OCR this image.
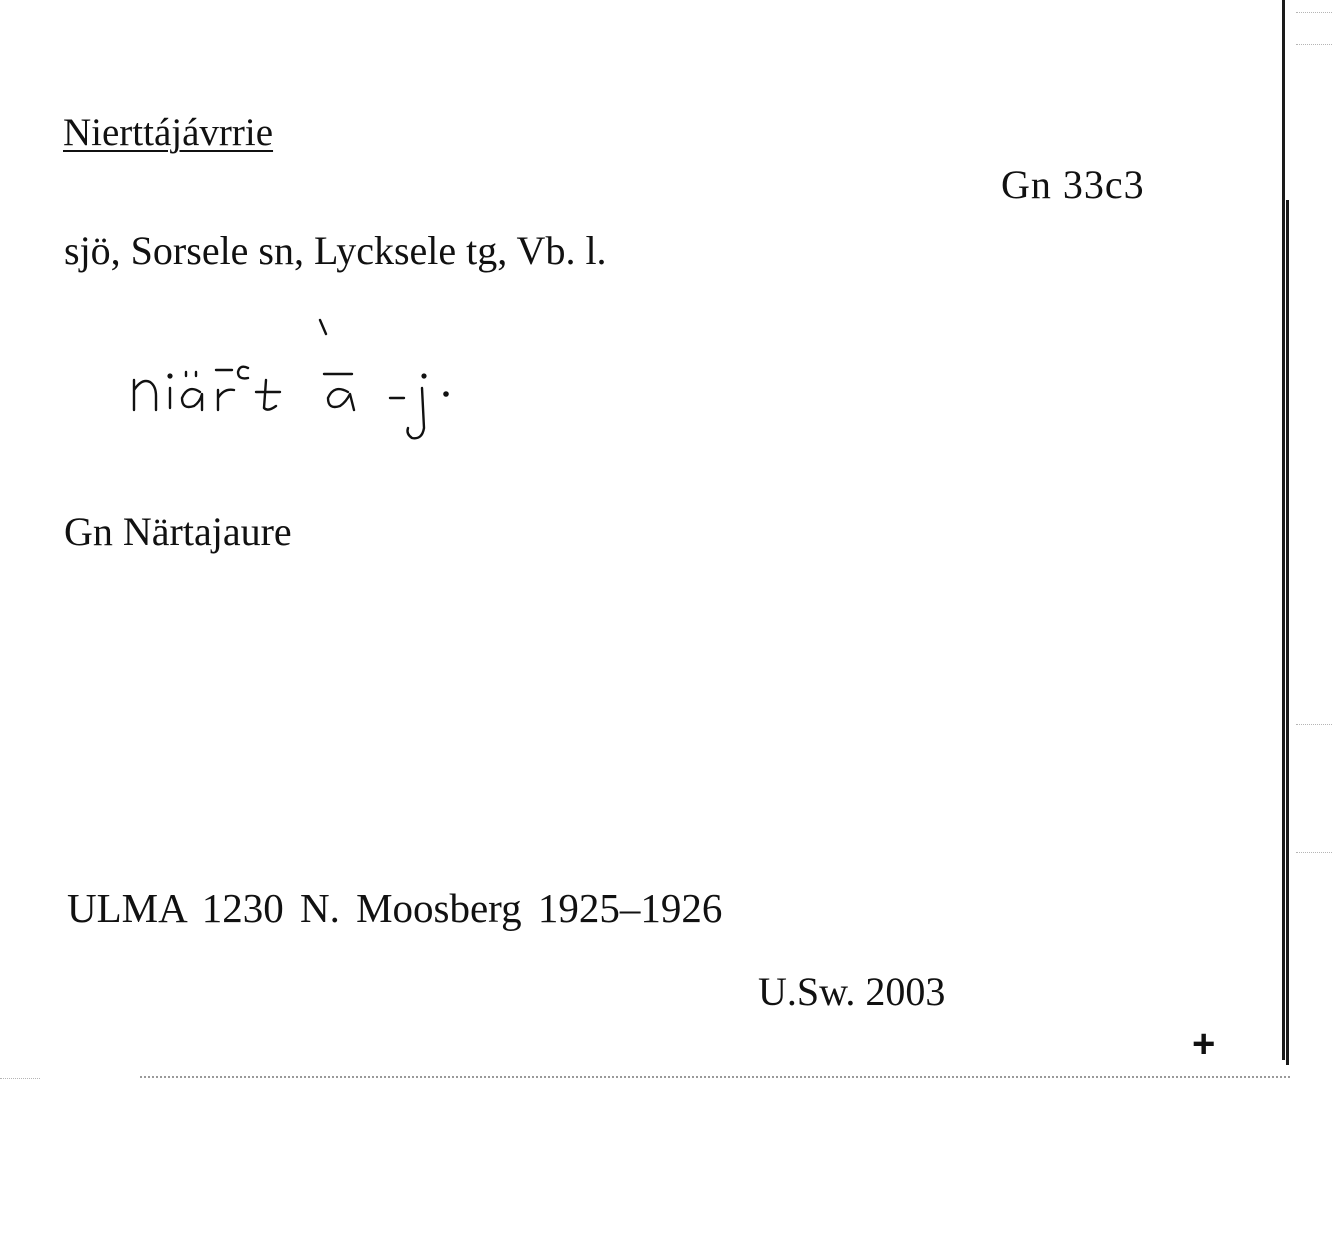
Nierttájávrrie
Gn 33c3
sjö, Sorsele sn, Lycksele tg, Vb. l.
Gn Närtajaure
ULMA 1230 N. Moosberg 1925–1926
U.Sw. 2003
+
